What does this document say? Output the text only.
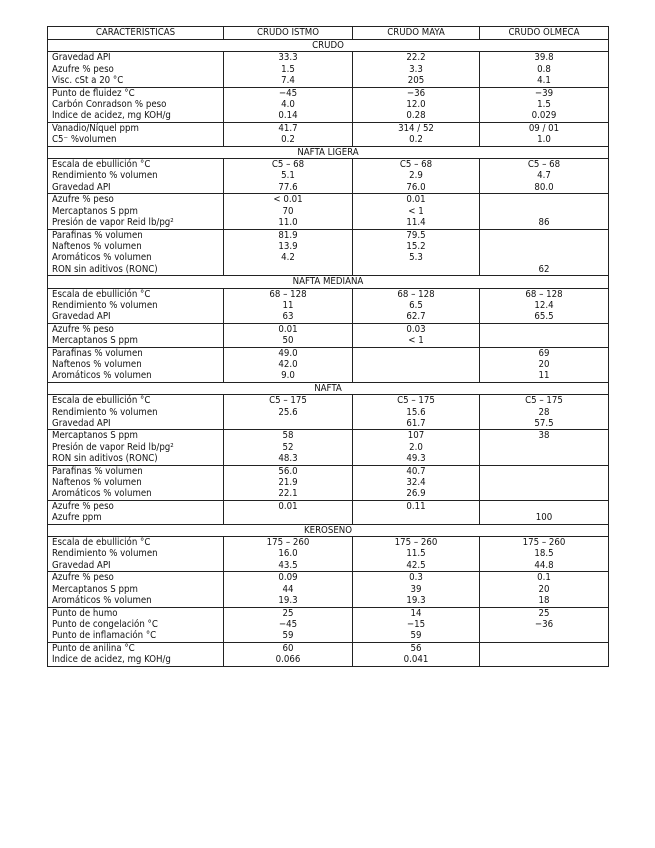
CARACTERÍSTICAS	CRUDO ISTMO	CRUDO MAYA	CRUDO OLMECA
CRUDO			
Gravedad API	33.3	22.2	39.8
Azufre % peso	1.5	3.3	0.8
Visc. cSt a 20 °C	7.4	205	4.1
Punto de fluidez °C	−45	−36	−39
Carbón Conradson % peso	4.0	12.0	1.5
Índice de acidez, mg KOH/g	0.14	0.28	0.029
Vanadio/Níquel ppm	41.7	314 / 52	09 / 01
C5⁻ %volumen	0.2	0.2	1.0
NAFTA LIGERA			
Escala de ebullición °C	C5 – 68	C5 – 68	C5 – 68
Rendimiento % volumen	5.1	2.9	4.7
Gravedad API	77.6	76.0	80.0
Azufre % peso	< 0.01	0.01	
Mercaptanos S ppm	70	< 1	
Presión de vapor Reid lb/pg²	11.0	11.4	86
Parafinas % volumen	81.9	79.5	
Naftenos % volumen	13.9	15.2	
Aromáticos % volumen	4.2	5.3	
RON sin aditivos (RONC)			62
NAFTA MEDIANA			
Escala de ebullición °C	68 – 128	68 – 128	68 – 128
Rendimiento % volumen	11	6.5	12.4
Gravedad API	63	62.7	65.5
Azufre % peso	0.01	0.03	
Mercaptanos S ppm	50	< 1	
Parafinas % volumen	49.0		69
Naftenos % volumen	42.0		20
Aromáticos % volumen	9.0		11
NAFTA			
Escala de ebullición °C	C5 – 175	C5 – 175	C5 – 175
Rendimiento % volumen	25.6	15.6	28
Gravedad API		61.7	57.5
Mercaptanos S ppm	58	107	38
Presión de vapor Reid lb/pg²	52	2.0	
RON sin aditivos (RONC)	48.3	49.3	
Parafinas % volumen	56.0	40.7	
Naftenos % volumen	21.9	32.4	
Aromáticos % volumen	22.1	26.9	
Azufre % peso	0.01	0.11	
Azufre ppm			100
KEROSENO			
Escala de ebullición °C	175 – 260	175 – 260	175 – 260
Rendimiento % volumen	16.0	11.5	18.5
Gravedad API	43.5	42.5	44.8
Azufre % peso	0.09	0.3	0.1
Mercaptanos S ppm	44	39	20
Aromáticos % volumen	19.3	19.3	18
Punto de humo	25	14	25
Punto de congelación °C	−45	−15	−36
Punto de inflamación °C	59	59	
Punto de anilina °C	60	56	
Índice de acidez, mg KOH/g	0.066	0.041	
